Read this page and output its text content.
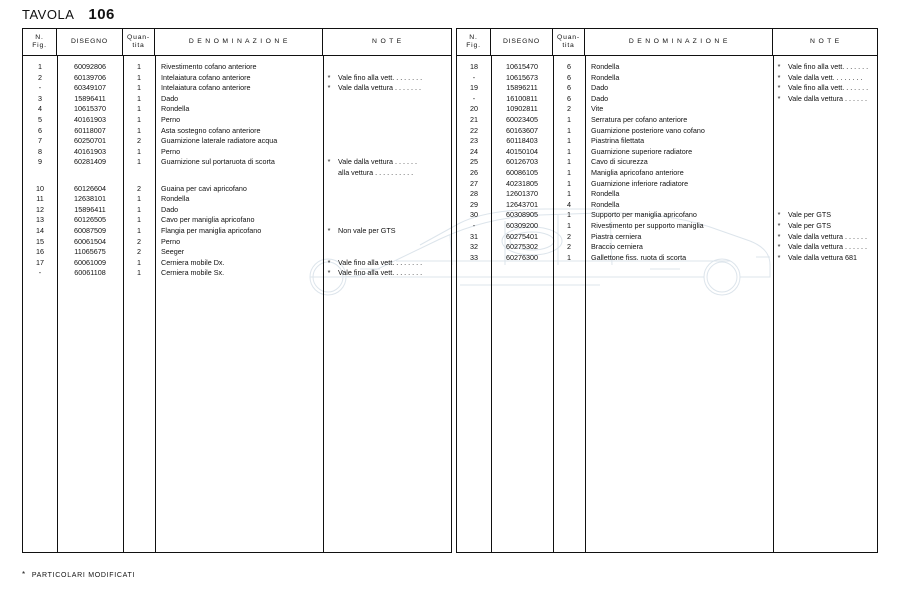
TAVOLA 106
N.
Fig.
DISEGNO
Quan-
tita
D E N O M I N A Z I O N E	N O T E
1	60092806	1	Rivestimento cofano anteriore
2	60139706	1	Intelaiatura cofano anteriore	*	Vale fino alla vett. . . . . . . .
-	60349107	1	Intelaiatura cofano anteriore	*	Vale dalla vettura . . . . . . .
3	15896411	1	Dado
4	10615370	1	Rondella
5	40161903	1	Perno
6	60118007	1	Asta sostegno cofano anteriore
7	60250701	2	Guarnizione laterale radiatore acqua
8	40161903	1	Perno
9	60281409	1	Guarnizione sul portaruota di scorta	*	Vale dalla vettura . . . . . .
alla vettura . . . . . . . . . .
10	60126604	2	Guaina per cavi apricofano
11	12638101	1	Rondella
12	15896411	1	Dado
13	60126505	1	Cavo per maniglia apricofano
14	60087509	1	Flangia per maniglia apricofano	*	Non vale per GTS
15	60061504	2	Perno
16	11065675	2	Seeger
17	60061009	1	Cerniera mobile Dx.	*	Vale fino alla vett. . . . . . . .
-	60061108	1	Cerniera mobile Sx.	*	Vale fino alla vett. . . . . . . .
N.
Fig.
DISEGNO
Quan-
tita
D E N O M I N A Z I O N E	N O T E
18	10615470	6	Rondella	*	Vale fino alla vett. . . . . . .
-	10615673	6	Rondella	*	Vale dalla vett. . . . . . . .
19	15896211	6	Dado	*	Vale fino alla vett. . . . . . .
-	16100811	6	Dado	*	Vale dalla vettura . . . . . .
20	10902811	2	Vite
21	60023405	1	Serratura per cofano anteriore
22	60163607	1	Guarnizione posteriore vano cofano
23	60118403	1	Piastrina filettata
24	40150104	1	Guarnizione superiore radiatore
25	60126703	1	Cavo di sicurezza
26	60086105	1	Maniglia apricofano anteriore
27	40231805	1	Guarnizione inferiore radiatore
28	12601370	1	Rondella
29	12643701	4	Rondella
30	60308905	1	Supporto per maniglia apricofano	*	Vale per GTS
-	60309200	1	Rivestimento per supporto maniglia	*	Vale per GTS
31	60275401	2	Piastra cerniera	*	Vale dalla vettura . . . . . .
32	60275302	2	Braccio cerniera	*	Vale dalla vettura . . . . . .
33	60276300	1	Gallettone fiss. ruota di scorta	*	Vale dalla vettura 681
* PARTICOLARI MODIFICATI
